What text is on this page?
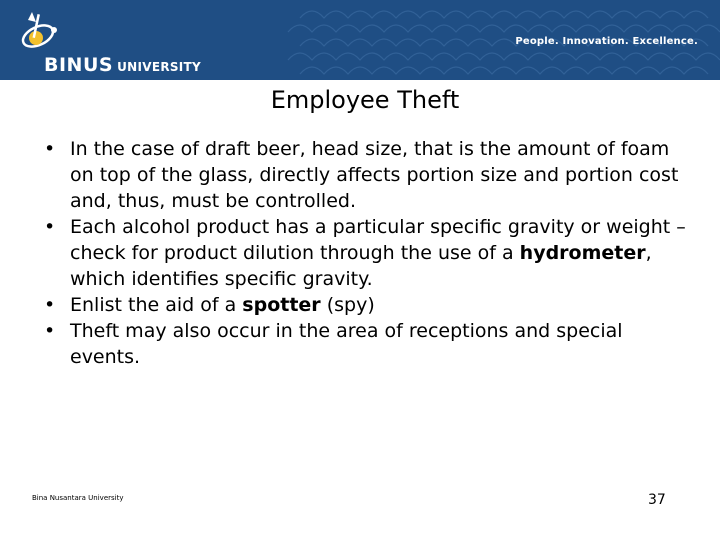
BINUS UNIVERSITY
People. Innovation. Excellence.
Employee Theft
• In the case of draft beer, head size, that is the amount of foam on top of the glass, directly affects portion size and portion cost and, thus, must be controlled.
• Each alcohol product has a particular specific gravity or weight – check for product dilution through the use of a hydrometer, which identifies specific gravity.
• Enlist the aid of a spotter (spy)
• Theft may also occur in the area of receptions and special events.
Bina Nusantara University	37
